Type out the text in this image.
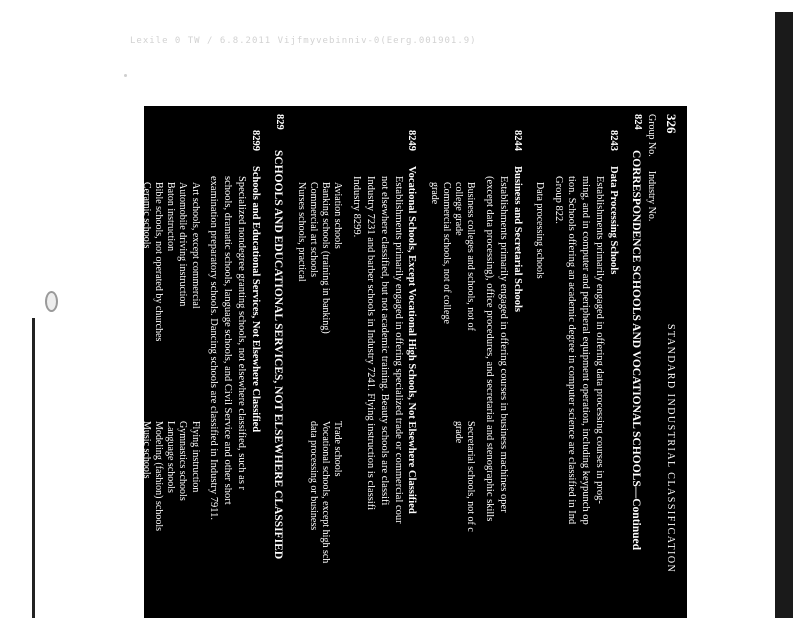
Lexile 0 TW / 6.8.2011 Vijfmyvebinniv-0(Eerg.001901.9)
326
STANDARD INDUSTRIAL CLASSIFICATION
Group No.
Industry No.
824
CORRESPONDENCE SCHOOLS AND VOCATIONAL SCHOOLS—Continued
8243
Data Processing Schools
Establishments primarily engaged in offering data processing courses in prog-
ming, and in computer and peripheral equipment operation, including keypunch op
tion. Schools offering an academic degree in computer science are classified in Ind
Group 822.
Data processing schools
8244
Business and Secretarial Schools
Establishments primarily engaged in offering courses in business machines oper
(except data processing), office procedures, and secretarial and stenographic skills
Business colleges and schools, not of
college grade
Commercial schools, not of college
grade
Secretarial schools, not of c
grade
8249
Vocational Schools, Except Vocational High Schools, Not Elsewhere Classified
Establishments primarily engaged in offering specialized trade or commercial cour
not elsewhere classified, but not academic training. Beauty schools are classifi
Industry 7231 and barber schools in Industry 7241. Flying instruction is classifi
Industry 8299.
Aviation schools
Banking schools (training in banking)
Commercial art schools
Nurses schools, practical
Trade schools
Vocational schools, except high sch
data processing or business
829
SCHOOLS AND EDUCATIONAL SERVICES, NOT ELSEWHERE CLASSIFIED
8299
Schools and Educational Services, Not Elsewhere Classified
Specialized nondegree granting schools, not elsewhere classified, such as r
schools, dramatic schools, language schools, and Civil Service and other short
examination preparatory schools. Dancing schools are classified in Industry 7911.
Art schools, except commercial
Automobile driving instruction
Baton instruction
Bible schools, not operated by churches
Ceramic schools
Charm schools
Civil service schools
Diction schools
Drama schools
Finishing schools (charm and model-
ing)
Flying instruction
Gymnastics schools
Language schools
Modeling (fashion) schools
Music schools
Personal development schools
Public speaking schools
Reading schools
Speed reading courses
Vocational counseling, except reh
tation counseling
